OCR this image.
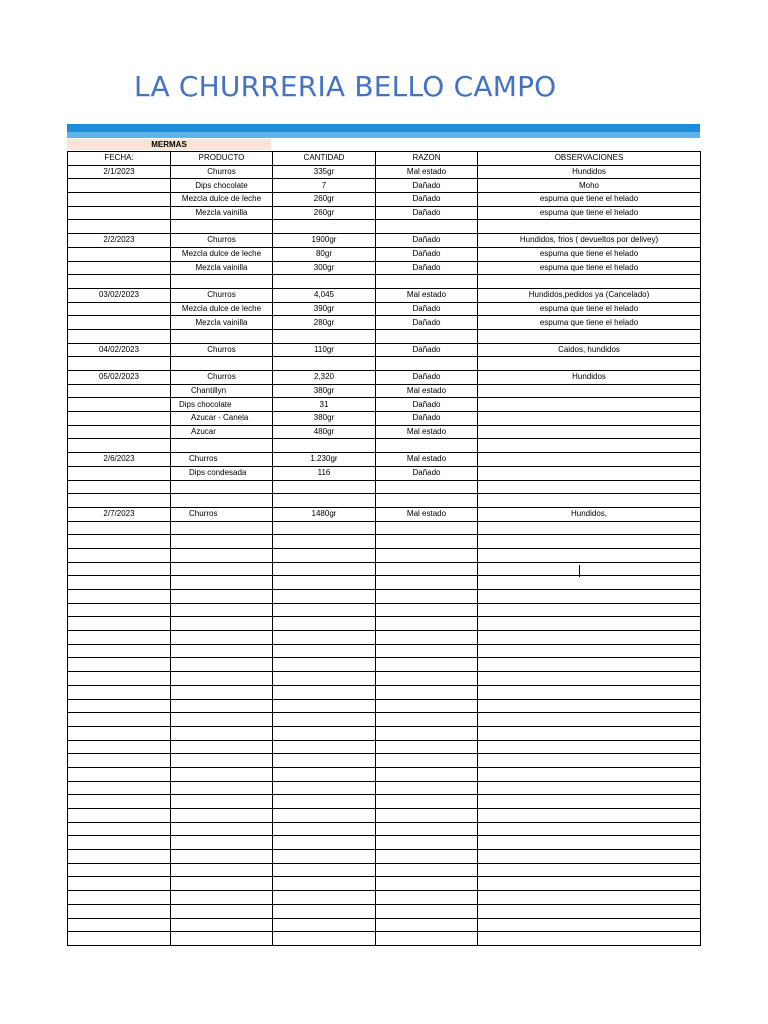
LA CHURRERIA BELLO CAMPO
MERMAS
FECHA:	PRODUCTO	CANTIDAD	RAZON	OBSERVACIONES
2/1/2023	Churros	335gr	Mal estado	Hundidos
	Dips chocolate	7	Dañado	Moho
	Mezcla dulce de leche	260gr	Dañado	espuma que tiene el helado
	Mezcla vainilla	260gr	Dañado	espuma que tiene el helado

2/2/2023	Churros	1900gr	Dañado	Hundidos, frios ( devueltos por delivey)
	Mezcla dulce de leche	80gr	Dañado	espuma que tiene el helado
	Mezcla vainilla	300gr	Dañado	espuma que tiene el helado

03/02/2023	Churros	4,045	Mal estado	Hundidos,pedidos ya (Cancelado)
	Mezcla dulce de leche	390gr	Dañado	espuma que tiene el helado
	Mezcla vainilla	280gr	Dañado	espuma que tiene el helado

04/02/2023	Churros	110gr	Dañado	Caidos, hundidos

05/02/2023	Churros	2,320	Dañado	Hundidos
	Chantillyn	380gr	Mal estado	
	Dips chocolate	31	Dañado	
	Azucar - Canela	380gr	Dañado	
	Azucar	480gr	Mal estado	

2/6/2023	Churros	1.230gr	Mal estado	
	Dips condesada	116	Dañado	

2/7/2023	Churros	1480gr	Mal estado	Hundidos,
